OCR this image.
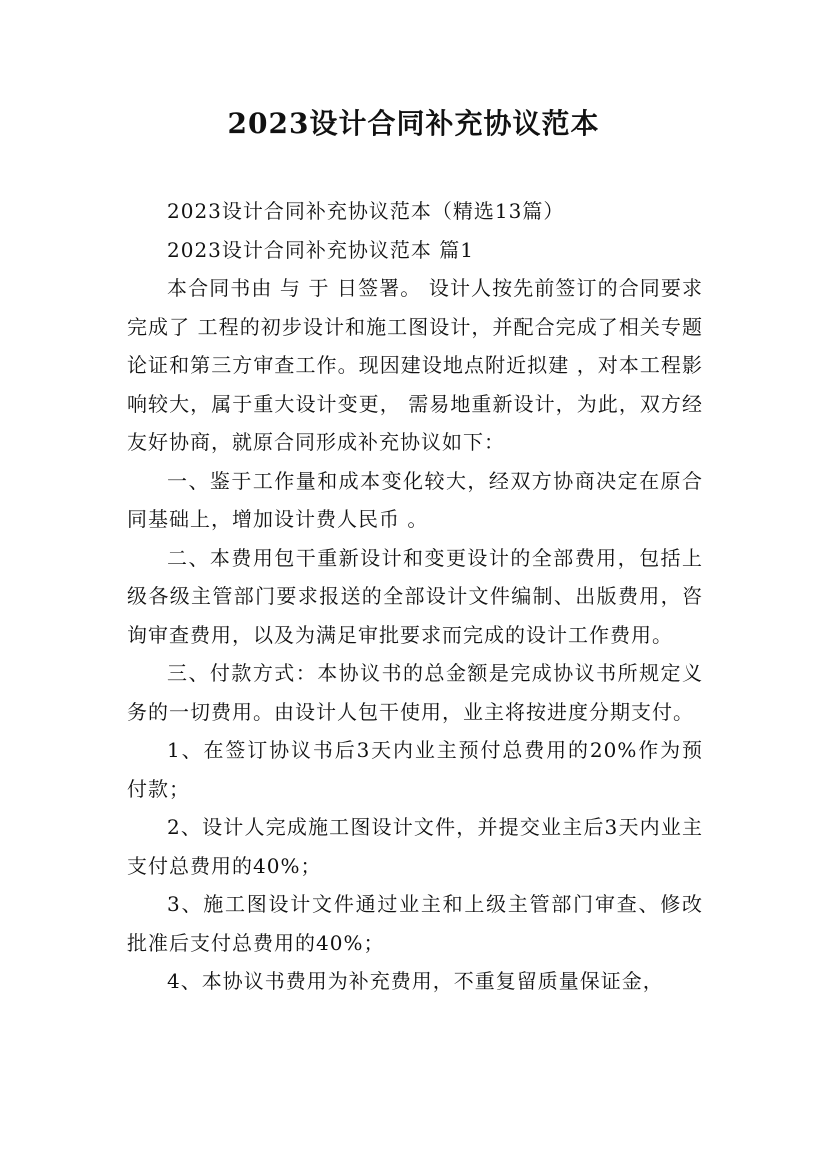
2023设计合同补充协议范本

2023设计合同补充协议范本（精选13篇）

2023设计合同补充协议范本 篇1

本合同书由 与 于 日签署。 设计人按先前签订的合同要求完成了 工程的初步设计和施工图设计，并配合完成了相关专题论证和第三方审查工作。现因建设地点附近拟建 ，对本工程影响较大，属于重大设计变更， 需易地重新设计，为此，双方经友好协商，就原合同形成补充协议如下：

一、鉴于工作量和成本变化较大，经双方协商决定在原合同基础上，增加设计费人民币 。

二、本费用包干重新设计和变更设计的全部费用，包括上级各级主管部门要求报送的全部设计文件编制、出版费用，咨询审查费用，以及为满足审批要求而完成的设计工作费用。

三、付款方式：本协议书的总金额是完成协议书所规定义务的一切费用。由设计人包干使用，业主将按进度分期支付。

1、在签订协议书后3天内业主预付总费用的20%作为预付款；

2、设计人完成施工图设计文件，并提交业主后3天内业主支付总费用的40%；

3、施工图设计文件通过业主和上级主管部门审查、修改批准后支付总费用的40%；

4、本协议书费用为补充费用，不重复留质量保证金，
